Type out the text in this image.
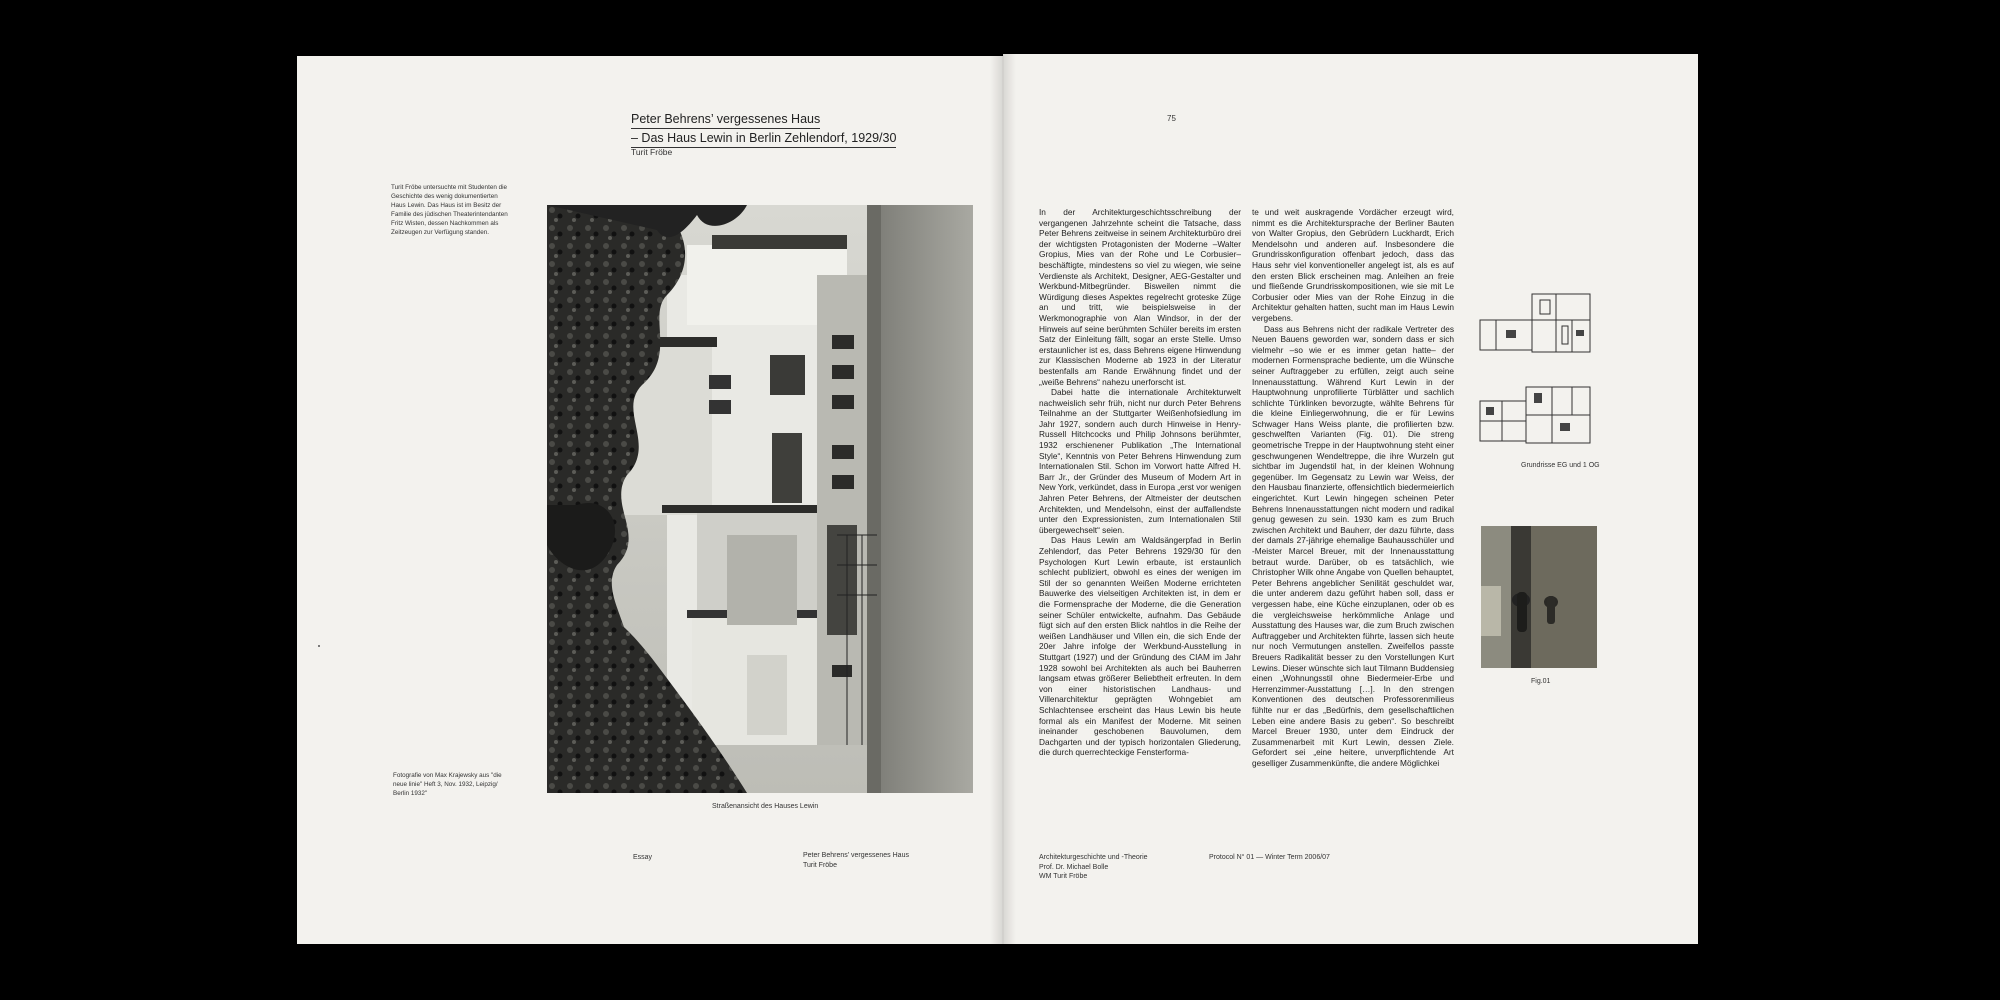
Peter Behrens’ vergessenes Haus
– Das Haus Lewin in Berlin Zehlendorf, 1929/30
Turit Fröbe
Turit Fröbe untersuchte mit Studenten die Geschichte des wenig dokumentierten Haus Lewin. Das Haus ist im Besitz der Familie des jüdischen Theaterintendanten Fritz Wisten, dessen Nachkommen als Zeitzeugen zur Verfügung standen.
Fotografie von Max Krajewsky aus "die neue linie" Heft 3, Nov. 1932, Leipzig/ Berlin 1932"
Straßenansicht des Hauses Lewin
Essay	Peter Behrens’ vergessenes Haus
Turit Fröbe
75

In der Architekturgeschichtsschreibung der vergangenen Jahrzehnte scheint die Tatsache, dass Peter Behrens zeitweise in seinem Architekturbüro drei der wichtigsten Protagonisten der Moderne –Walter Gropius, Mies van der Rohe und Le Corbusier– beschäftigte, mindestens so viel zu wiegen, wie seine Verdienste als Architekt, Designer, AEG-Gestalter und Werkbund-Mitbegründer. Bisweilen nimmt die Würdigung dieses Aspektes regelrecht groteske Züge an und tritt, wie beispielsweise in der Werkmonographie von Alan Windsor, in der der Hinweis auf seine berühmten Schüler bereits im ersten Satz der Einleitung fällt, sogar an erste Stelle. Umso erstaunlicher ist es, dass Behrens eigene Hinwendung zur Klassischen Moderne ab 1923 in der Literatur bestenfalls am Rande Erwähnung findet und der „weiße Behrens“ nahezu unerforscht ist.

Dabei hatte die internationale Architekturwelt nachweislich sehr früh, nicht nur durch Peter Behrens Teilnahme an der Stuttgarter Weißenhofsiedlung im Jahr 1927, sondern auch durch Hinweise in Henry-Russell Hitchcocks und Philip Johnsons berühmter, 1932 erschienener Publikation „The International Style“, Kenntnis von Peter Behrens Hinwendung zum Internationalen Stil. Schon im Vorwort hatte Alfred H. Barr Jr., der Gründer des Museum of Modern Art in New York, verkündet, dass in Europa „erst vor wenigen Jahren Peter Behrens, der Altmeister der deutschen Architekten, und Mendelsohn, einst der auffallendste unter den Expressionisten, zum Internationalen Stil übergewechselt“ seien.

Das Haus Lewin am Waldsängerpfad in Berlin Zehlendorf, das Peter Behrens 1929/30 für den Psychologen Kurt Lewin erbaute, ist erstaunlich schlecht publiziert, obwohl es eines der wenigen im Stil der so genannten Weißen Moderne errichteten Bauwerke des vielseitigen Architekten ist, in dem er die Formensprache der Moderne, die die Generation seiner Schüler entwickelte, aufnahm. Das Gebäude fügt sich auf den ersten Blick nahtlos in die Reihe der weißen Landhäuser und Villen ein, die sich Ende der 20er Jahre infolge der Werkbund-Ausstellung in Stuttgart (1927) und der Gründung des CIAM im Jahr 1928 sowohl bei Architekten als auch bei Bauherren langsam etwas größerer Beliebtheit erfreuten. In dem von einer historistischen Landhaus- und Villenarchitektur geprägten Wohngebiet am Schlachtensee erscheint das Haus Lewin bis heute formal als ein Manifest der Moderne. Mit seinen ineinander geschobenen Bauvolumen, dem Dachgarten und der typisch horizontalen Gliederung, die durch querrechteckige Fensterforma-

te und weit auskragende Vordächer erzeugt wird, nimmt es die Architektursprache der Berliner Bauten von Walter Gropius, den Gebrüdern Luckhardt, Erich Mendelsohn und anderen auf. Insbesondere die Grundrisskonfiguration offenbart jedoch, dass das Haus sehr viel konventioneller angelegt ist, als es auf den ersten Blick erscheinen mag. Anleihen an freie und fließende Grundrisskompositionen, wie sie mit Le Corbusier oder Mies van der Rohe Einzug in die Architektur gehalten hatten, sucht man im Haus Lewin vergebens.

Dass aus Behrens nicht der radikale Vertreter des Neuen Bauens geworden war, sondern dass er sich vielmehr –so wie er es immer getan hatte– der modernen Formensprache bediente, um die Wünsche seiner Auftraggeber zu erfüllen, zeigt auch seine Innenausstattung. Während Kurt Lewin in der Hauptwohnung unprofilierte Türblätter und sachlich schlichte Türklinken bevorzugte, wählte Behrens für die kleine Einliegerwohnung, die er für Lewins Schwager Hans Weiss plante, die profilierten bzw. geschwelften Varianten (Fig. 01). Die streng geometrische Treppe in der Hauptwohnung steht einer geschwungenen Wendeltreppe, die ihre Wurzeln gut sichtbar im Jugendstil hat, in der kleinen Wohnung gegenüber. Im Gegensatz zu Lewin war Weiss, der den Hausbau finanzierte, offensichtlich biedermeierlich eingerichtet. Kurt Lewin hingegen scheinen Peter Behrens Innenausstattungen nicht modern und radikal genug gewesen zu sein. 1930 kam es zum Bruch zwischen Architekt und Bauherr, der dazu führte, dass der damals 27-jährige ehemalige Bauhausschüler und -Meister Marcel Breuer, mit der Innenausstattung betraut wurde. Darüber, ob es tatsächlich, wie Christopher Wilk ohne Angabe von Quellen behauptet, Peter Behrens angeblicher Senilität geschuldet war, die unter anderem dazu geführt haben soll, dass er vergessen habe, eine Küche einzuplanen, oder ob es die vergleichsweise herkömmliche Anlage und Ausstattung des Hauses war, die zum Bruch zwischen Auftraggeber und Architekten führte, lassen sich heute nur noch Vermutungen anstellen. Zweifellos passte Breuers Radikalität besser zu den Vorstellungen Kurt Lewins. Dieser wünschte sich laut Tilmann Buddensieg einen „Wohnungsstil ohne Biedermeier-Erbe und Herrenzimmer-Ausstattung […]. In den strengen Konventionen des deutschen Professorenmilieus fühlte nur er das „Bedürfnis, dem gesellschaftlichen Leben eine andere Basis zu geben“. So beschreibt Marcel Breuer 1930, unter dem Eindruck der Zusammenarbeit mit Kurt Lewin, dessen Ziele. Gefordert sei „eine heitere, unverpflichtende Art geselliger Zusammenkünfte, die andere Möglichkei

Grundrisse EG und 1 OG
Fig.01
Architekturgeschichte und -Theorie
Prof. Dr. Michael Bolle
WM Turit Fröbe
Protocol N° 01 — Winter Term 2006/07
